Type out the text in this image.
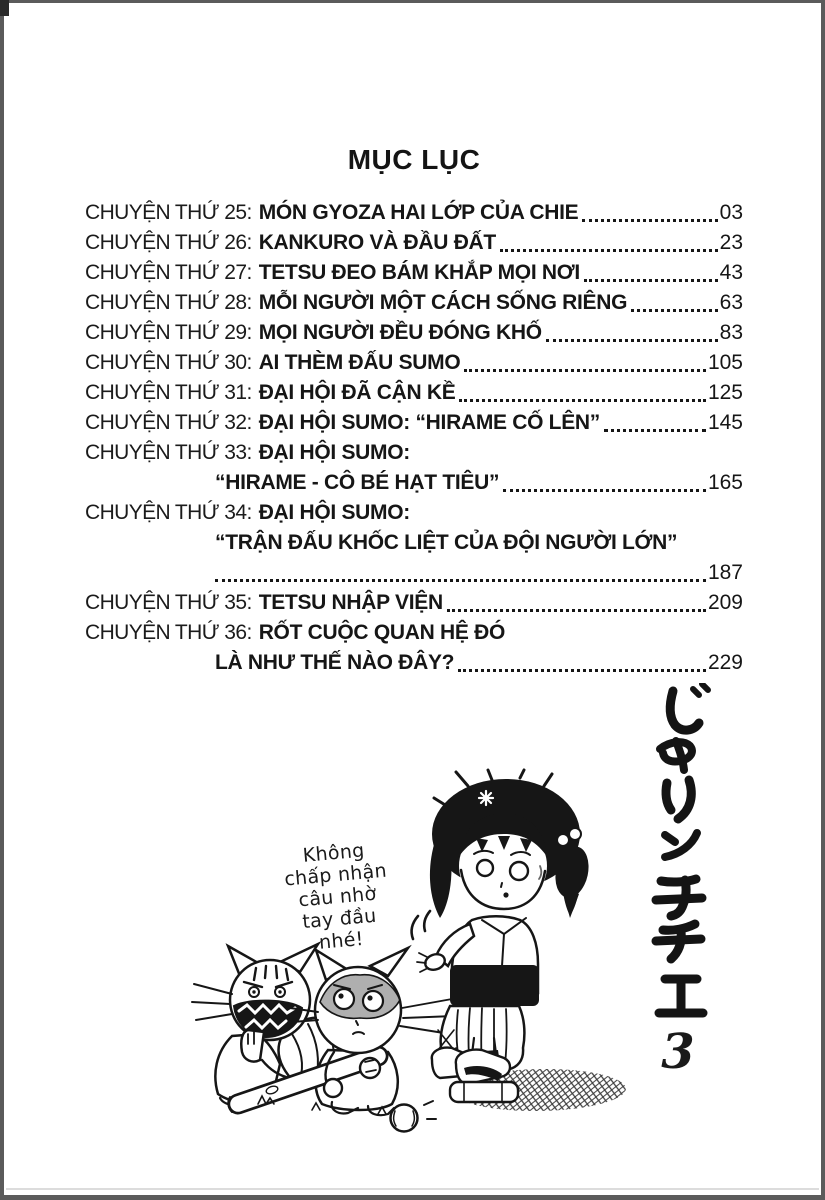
MỤC LỤC
CHUYỆN THỨ 25: MÓN GYOZA HAI LỚP CỦA CHIE	03
CHUYỆN THỨ 26: KANKURO VÀ ĐẦU ĐẤT	23
CHUYỆN THỨ 27: TETSU ĐEO BÁM KHẮP MỌI NƠI	43
CHUYỆN THỨ 28: MỖI NGƯỜI MỘT CÁCH SỐNG RIÊNG	63
CHUYỆN THỨ 29: MỌI NGƯỜI ĐỀU ĐÓNG KHỐ	83
CHUYỆN THỨ 30: AI THÈM ĐẤU SUMO	105
CHUYỆN THỨ 31: ĐẠI HỘI ĐÃ CẬN KỀ	125
CHUYỆN THỨ 32: ĐẠI HỘI SUMO: “HIRAME CỐ LÊN”	145
CHUYỆN THỨ 33: ĐẠI HỘI SUMO:
“HIRAME - CÔ BÉ HẠT TIÊU”	165
CHUYỆN THỨ 34: ĐẠI HỘI SUMO:
“TRẬN ĐẤU KHỐC LIỆT CỦA ĐỘI NGƯỜI LỚN”
187
CHUYỆN THỨ 35: TETSU NHẬP VIỆN	209
CHUYỆN THỨ 36: RỐT CUỘC QUAN HỆ ĐÓ
LÀ NHƯ THẾ NÀO ĐÂY?	229
Không
chấp nhận
câu nhờ
tay đầu
nhé!
3
